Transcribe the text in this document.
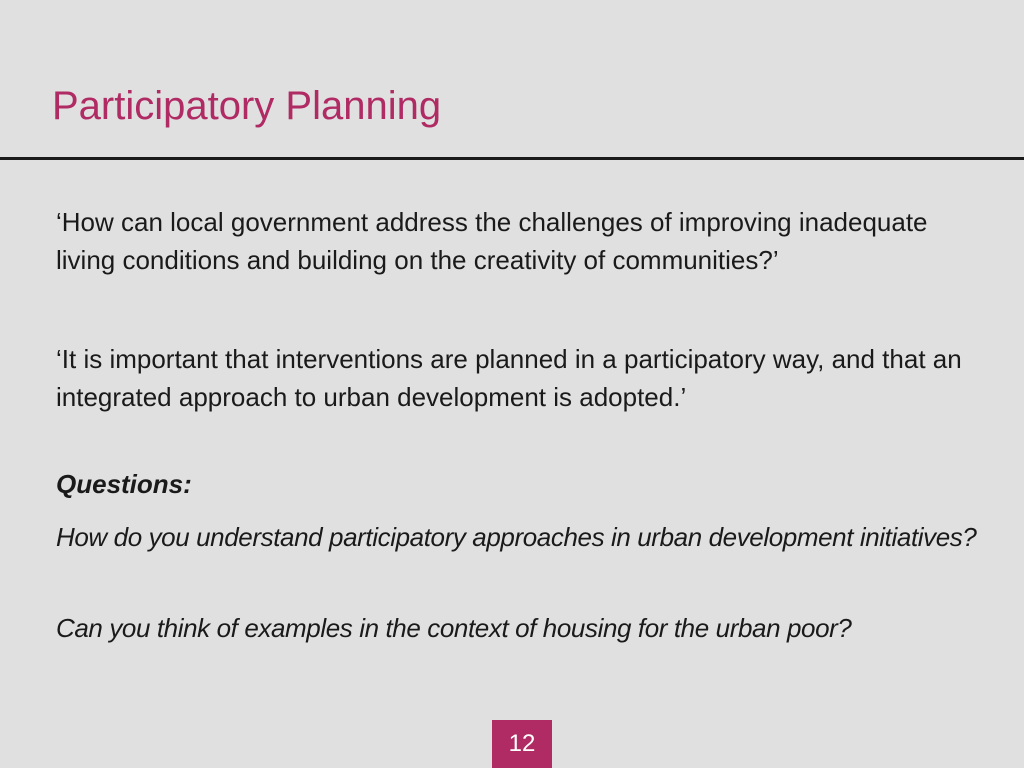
Participatory Planning

‘How can local government address the challenges of improving inadequate living conditions and building on the creativity of communities?’

‘It is important that interventions are planned in a participatory way, and that an integrated approach to urban development is adopted.’

Questions:

How do you understand participatory approaches in urban development initiatives?

Can you think of examples in the context of housing for the urban poor?

12
